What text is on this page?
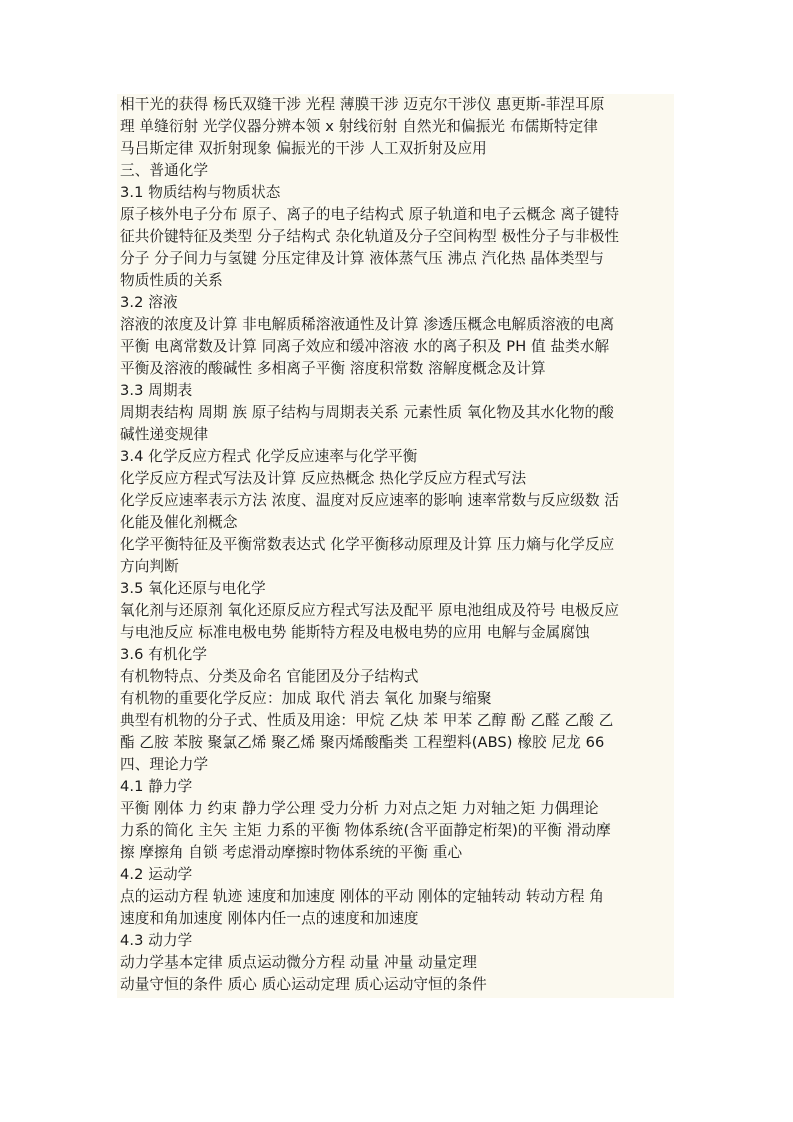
相干光的获得 杨氏双缝干涉 光程 薄膜干涉 迈克尔干涉仪 惠更斯-菲涅耳原
理 单缝衍射 光学仪器分辨本领 x 射线衍射 自然光和偏振光 布儒斯特定律
马吕斯定律 双折射现象 偏振光的干涉 人工双折射及应用
三、普通化学
3.1 物质结构与物质状态
原子核外电子分布 原子、离子的电子结构式 原子轨道和电子云概念 离子键特
征共价键特征及类型 分子结构式 杂化轨道及分子空间构型 极性分子与非极性
分子 分子间力与氢键 分压定律及计算 液体蒸气压 沸点 汽化热 晶体类型与
物质性质的关系
3.2 溶液
溶液的浓度及计算 非电解质稀溶液通性及计算 渗透压概念电解质溶液的电离
平衡 电离常数及计算 同离子效应和缓冲溶液 水的离子积及 PH 值 盐类水解
平衡及溶液的酸碱性 多相离子平衡 溶度积常数 溶解度概念及计算
3.3 周期表
周期表结构 周期 族 原子结构与周期表关系 元素性质 氧化物及其水化物的酸
碱性递变规律
3.4 化学反应方程式 化学反应速率与化学平衡
化学反应方程式写法及计算 反应热概念 热化学反应方程式写法
化学反应速率表示方法 浓度、温度对反应速率的影响 速率常数与反应级数 活
化能及催化剂概念
化学平衡特征及平衡常数表达式 化学平衡移动原理及计算 压力熵与化学反应
方向判断
3.5 氧化还原与电化学
氧化剂与还原剂 氧化还原反应方程式写法及配平 原电池组成及符号 电极反应
与电池反应 标准电极电势 能斯特方程及电极电势的应用 电解与金属腐蚀
3.6 有机化学
有机物特点、分类及命名 官能团及分子结构式
有机物的重要化学反应：加成 取代 消去 氧化 加聚与缩聚
典型有机物的分子式、性质及用途：甲烷 乙炔 苯 甲苯 乙醇 酚 乙醛 乙酸 乙
酯 乙胺 苯胺 聚氯乙烯 聚乙烯 聚丙烯酸酯类 工程塑料(ABS) 橡胶 尼龙 66
四、理论力学
4.1 静力学
平衡 刚体 力 约束 静力学公理 受力分析 力对点之矩 力对轴之矩 力偶理论
力系的简化 主矢 主矩 力系的平衡 物体系统(含平面静定桁架)的平衡 滑动摩
擦 摩擦角 自锁 考虑滑动摩擦时物体系统的平衡 重心
4.2 运动学
点的运动方程 轨迹 速度和加速度 刚体的平动 刚体的定轴转动 转动方程 角
速度和角加速度 刚体内任一点的速度和加速度
4.3 动力学
动力学基本定律 质点运动微分方程 动量 冲量 动量定理
动量守恒的条件 质心 质心运动定理 质心运动守恒的条件
